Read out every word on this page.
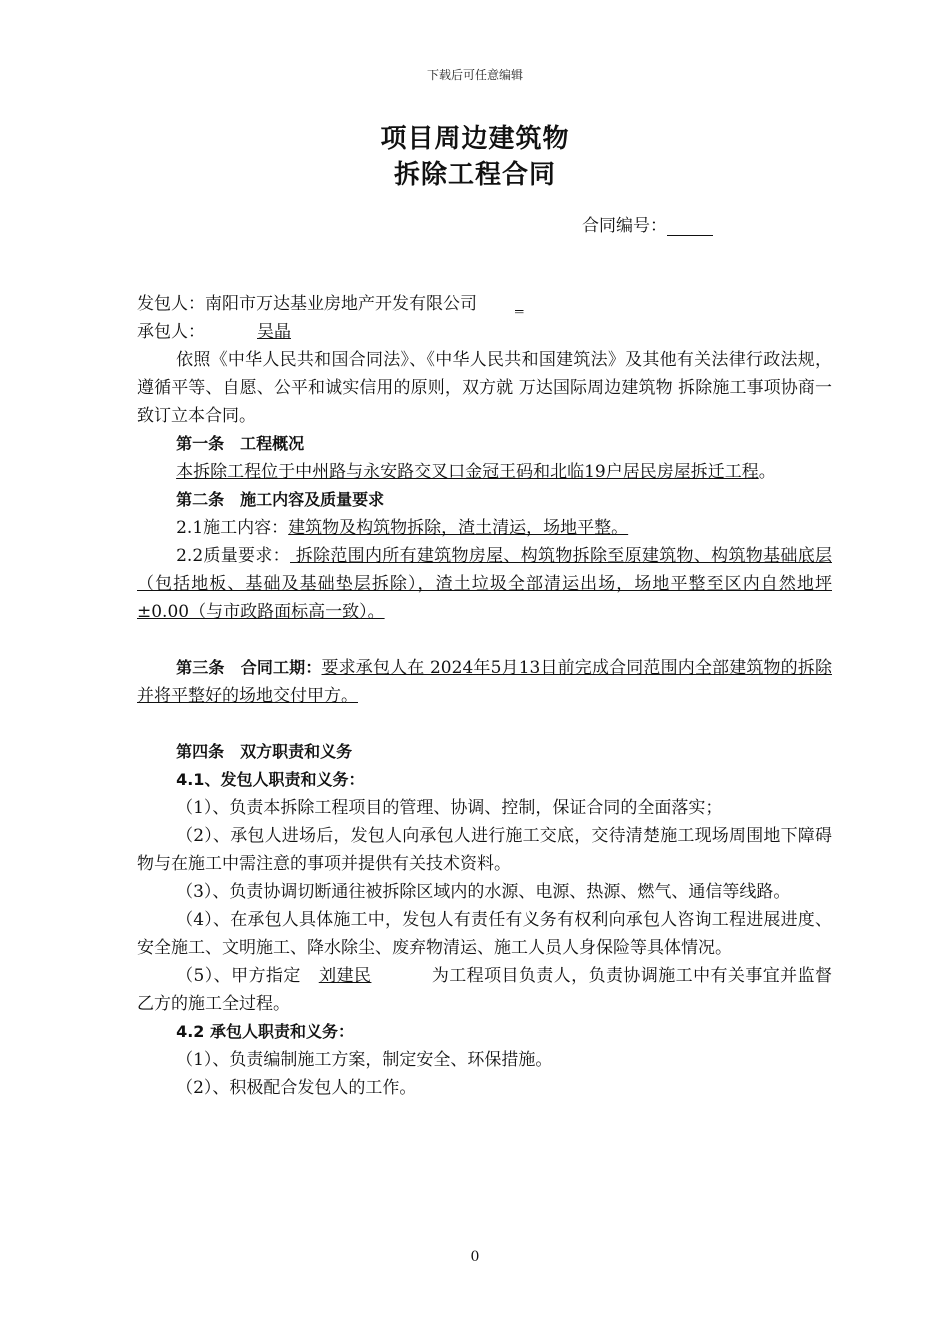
下载后可任意编辑
项目周边建筑物
拆除工程合同
合同编号：

发包人：南阳市万达基业房地产开发有限公司 _

承包人：	吴晶

依照《中华人民共和国合同法》、《中华人民共和国建筑法》及其他有关法律行政法规，遵循平等、自愿、公平和诚实信用的原则，双方就 万达国际周边建筑物 拆除施工事项协商一致订立本合同。

第一条　工程概况

本拆除工程位于中州路与永安路交叉口金冠王码和北临19户居民房屋拆迁工程。

第二条　施工内容及质量要求

2.1施工内容：建筑物及构筑物拆除，渣土清运，场地平整。

2.2质量要求： 拆除范围内所有建筑物房屋、构筑物拆除至原建筑物、构筑物基础底层（包括地板、基础及基础垫层拆除），渣土垃圾全部清运出场，场地平整至区内自然地坪±0.00（与市政路面标高一致）。

第三条　合同工期：要求承包人在 2024年5月13日前完成合同范围内全部建筑物的拆除并将平整好的场地交付甲方。

第四条　双方职责和义务

4.1、发包人职责和义务：

（1）、负责本拆除工程项目的管理、协调、控制，保证合同的全面落实；

（2）、承包人进场后，发包人向承包人进行施工交底，交待清楚施工现场周围地下障碍物与在施工中需注意的事项并提供有关技术资料。

（3）、负责协调切断通往被拆除区域内的水源、电源、热源、燃气、通信等线路。

（4）、在承包人具体施工中，发包人有责任有义务有权利向承包人咨询工程进展进度、安全施工、文明施工、降水除尘、废弃物清运、施工人员人身保险等具体情况。

（5）、甲方指定 刘建民	为工程项目负责人，负责协调施工中有关事宜并监督乙方的施工全过程。

4.2 承包人职责和义务：

（1）、负责编制施工方案，制定安全、环保措施。

（2）、积极配合发包人的工作。

0
